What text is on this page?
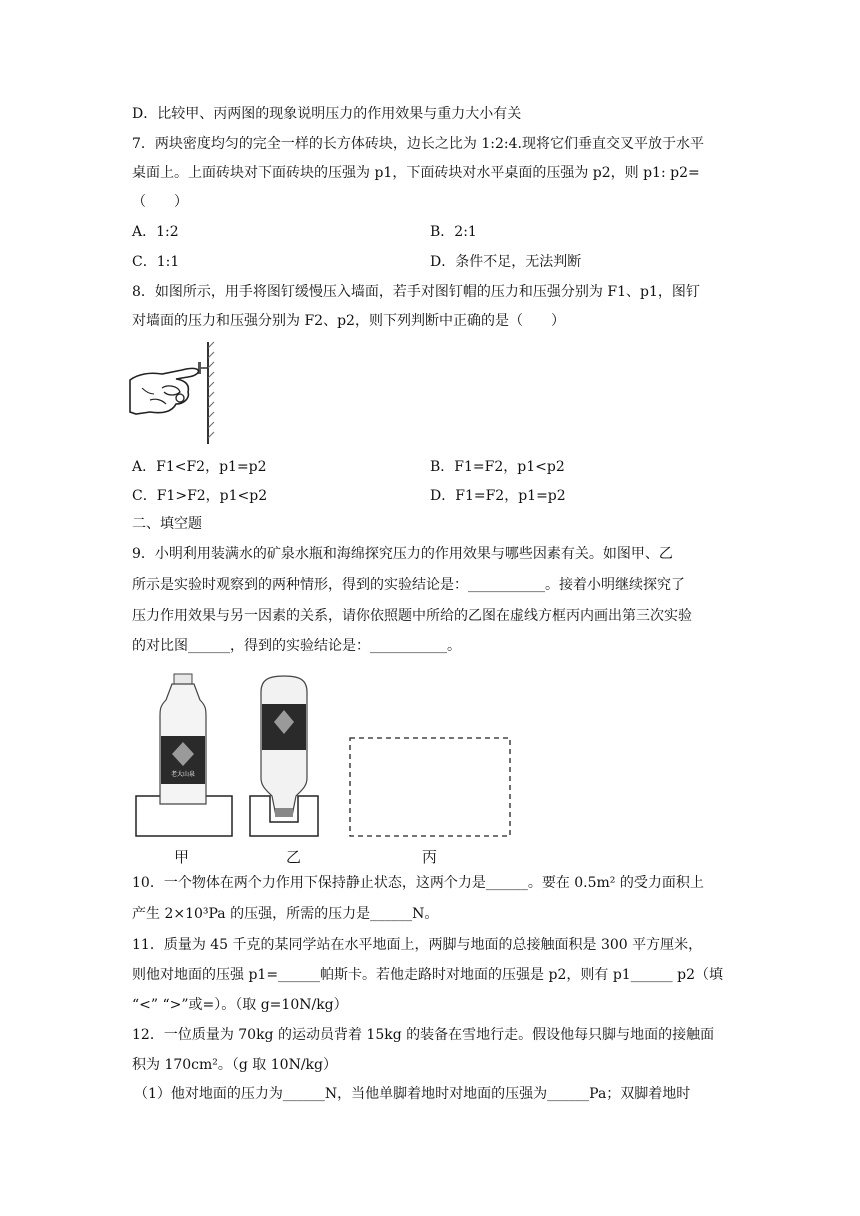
D．比较甲、丙两图的现象说明压力的作用效果与重力大小有关
7．两块密度均匀的完全一样的长方体砖块，边长之比为 1:2:4.现将它们垂直交叉平放于水平
桌面上。上面砖块对下面砖块的压强为 p1，下面砖块对水平桌面的压强为 p2，则 p1: p2=
（　　）
A．1:2	B．2:1
C．1:1	D．条件不足，无法判断
8．如图所示，用手将图钉缓慢压入墙面，若手对图钉帽的压力和压强分别为 F1、p1，图钉
对墙面的压力和压强分别为 F2、p2，则下列判断中正确的是（　　）
A．F1<F2，p1=p2	B．F1=F2，p1<p2
C．F1>F2，p1<p2	D．F1=F2，p1=p2
二、填空题
9．小明利用装满水的矿泉水瓶和海绵探究压力的作用效果与哪些因素有关。如图甲、乙
所示是实验时观察到的两种情形，得到的实验结论是：___________。接着小明继续探究了
压力作用效果与另一因素的关系，请你依照题中所给的乙图在虚线方框丙内画出第三次实验
的对比图______，得到的实验结论是：___________。
老大山泉
甲	乙	丙
10．一个物体在两个力作用下保持静止状态，这两个力是______。要在 0.5m² 的受力面积上
产生 2×10³Pa 的压强，所需的压力是______N。
11．质量为 45 千克的某同学站在水平地面上，两脚与地面的总接触面积是 300 平方厘米，
则他对地面的压强 p1=______帕斯卡。若他走路时对地面的压强是 p2，则有 p1______ p2（填
“<” “>”或=）。（取 g=10N/kg）
12．一位质量为 70kg 的运动员背着 15kg 的装备在雪地行走。假设他每只脚与地面的接触面
积为 170cm²。（g 取 10N/kg）
（1）他对地面的压力为______N，当他单脚着地时对地面的压强为______Pa；双脚着地时
